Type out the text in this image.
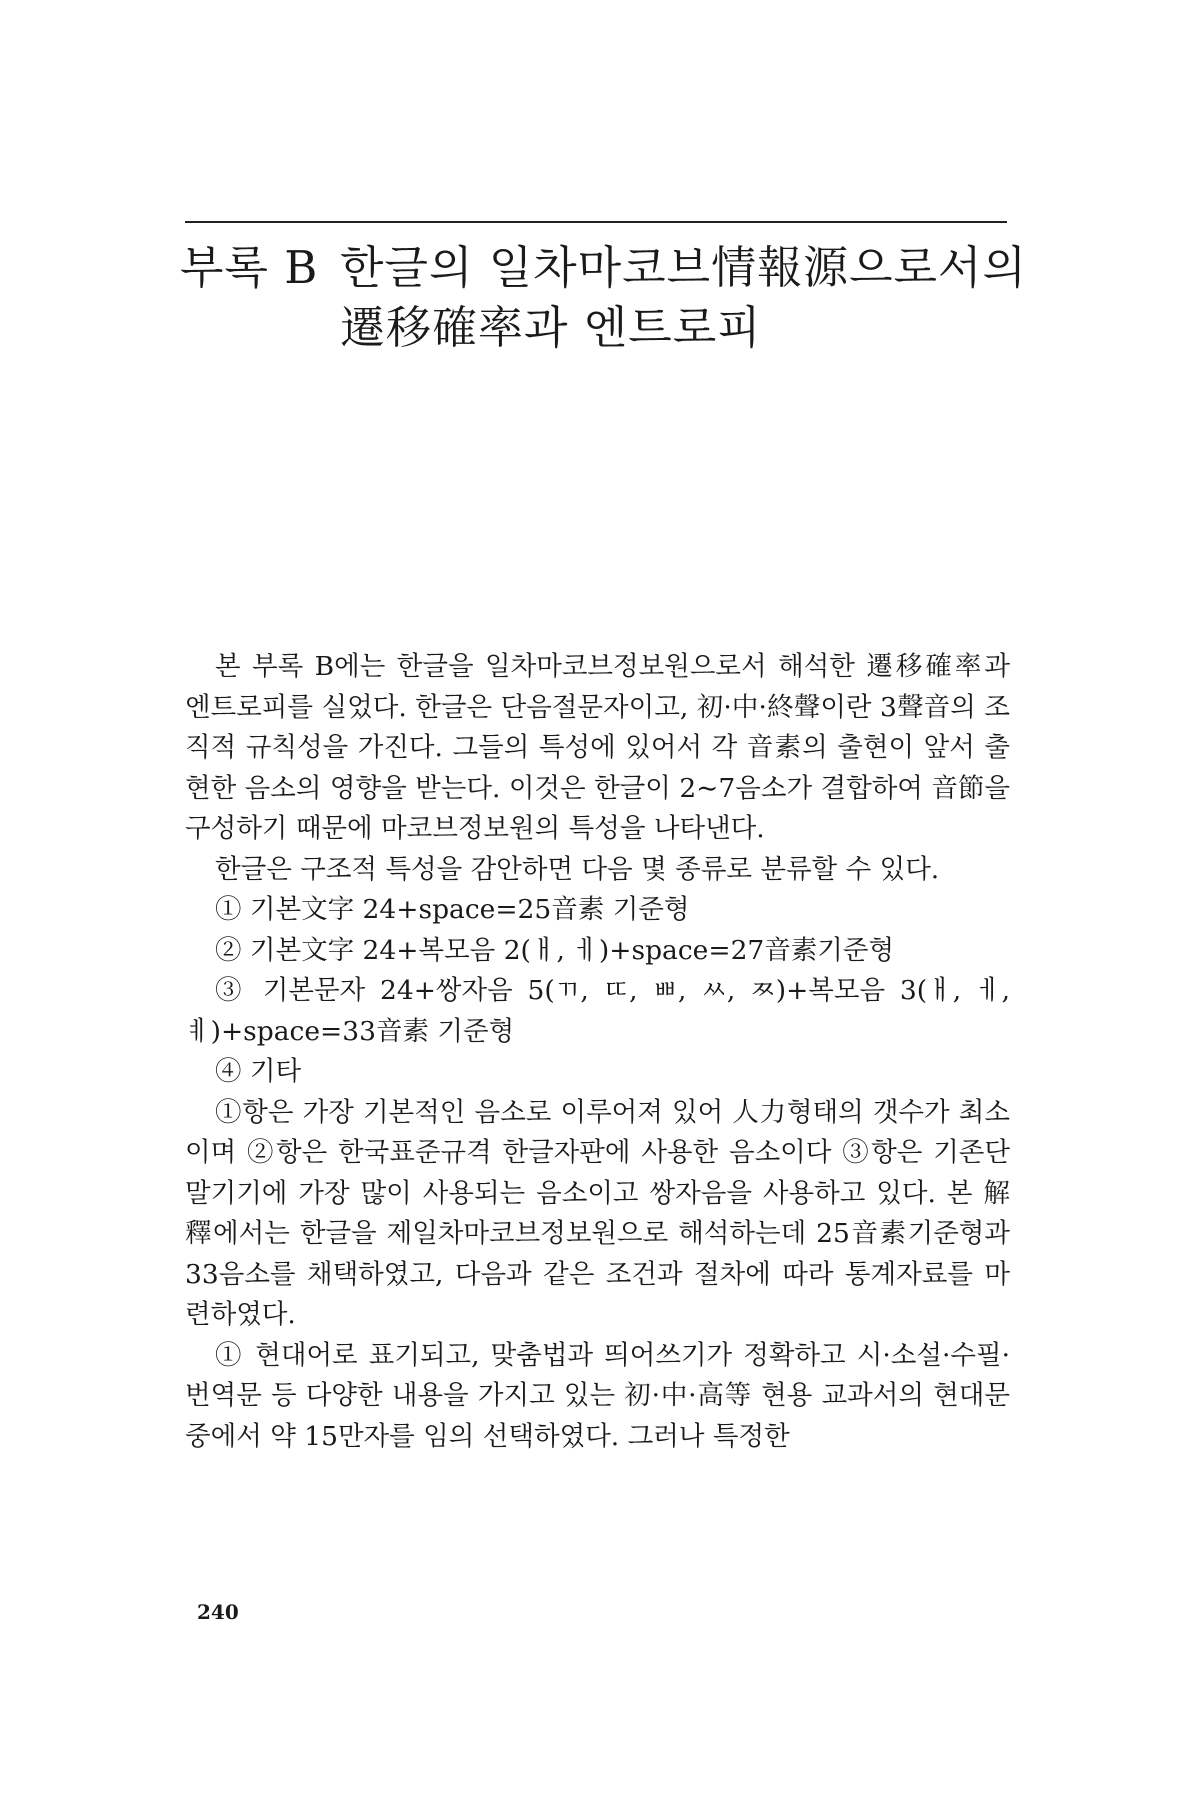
부록 B 한글의 일차마코브情報源으로서의
遷移確率과 엔트로피

본 부록 B에는 한글을 일차마코브정보원으로서 해석한 遷移確率과 엔트로피를 실었다. 한글은 단음절문자이고, 初·中·終聲이란 3聲音의 조직적 규칙성을 가진다. 그들의 특성에 있어서 각 音素의 출현이 앞서 출현한 음소의 영향을 받는다. 이것은 한글이 2∼7음소가 결합하여 音節을 구성하기 때문에 마코브정보원의 특성을 나타낸다.

한글은 구조적 특성을 감안하면 다음 몇 종류로 분류할 수 있다.

① 기본文字 24+space=25音素 기준형

② 기본文字 24+복모음 2(ㅐ, ㅔ)+space=27音素기준형

③ 기본문자 24+쌍자음 5(ㄲ, ㄸ, ㅃ, ㅆ, ㅉ)+복모음 3(ㅐ, ㅔ, ㅖ)+space=33音素 기준형

④ 기타

①항은 가장 기본적인 음소로 이루어져 있어 人力형태의 갯수가 최소이며 ②항은 한국표준규격 한글자판에 사용한 음소이다 ③항은 기존단말기기에 가장 많이 사용되는 음소이고 쌍자음을 사용하고 있다. 본 解釋에서는 한글을 제일차마코브정보원으로 해석하는데 25音素기준형과 33음소를 채택하였고, 다음과 같은 조건과 절차에 따라 통계자료를 마련하였다.

① 현대어로 표기되고, 맞춤법과 띄어쓰기가 정확하고 시·소설·수필·번역문 등 다양한 내용을 가지고 있는 初·中·高等 현용 교과서의 현대문 중에서 약 15만자를 임의 선택하였다. 그러나 특정한

240
